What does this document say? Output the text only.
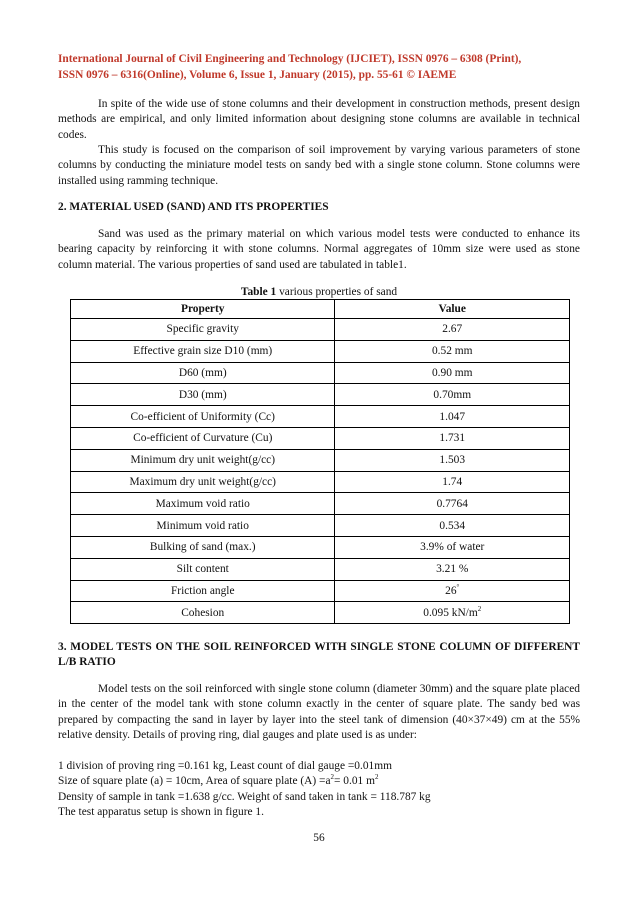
International Journal of Civil Engineering and Technology (IJCIET), ISSN 0976 – 6308 (Print),
ISSN 0976 – 6316(Online), Volume 6, Issue 1, January (2015), pp. 55-61 © IAEME

In spite of the wide use of stone columns and their development in construction methods, present design methods are empirical, and only limited information about designing stone columns are available in technical codes.

This study is focused on the comparison of soil improvement by varying various parameters of stone columns by conducting the miniature model tests on sandy bed with a single stone column. Stone columns were installed using ramming technique.

2. MATERIAL USED (SAND) AND ITS PROPERTIES

Sand was used as the primary material on which various model tests were conducted to enhance its bearing capacity by reinforcing it with stone columns. Normal aggregates of 10mm size were used as stone column material. The various properties of sand used are tabulated in table1.

Table 1 various properties of sand
Property	Value
Specific gravity	2.67
Effective grain size D10 (mm)	0.52 mm
D60 (mm)	0.90 mm
D30 (mm)	0.70mm
Co-efficient of Uniformity (Cc)	1.047
Co-efficient of Curvature (Cu)	1.731
Minimum dry unit weight(g/cc)	1.503
Maximum dry unit weight(g/cc)	1.74
Maximum void ratio	0.7764
Minimum void ratio	0.534
Bulking of sand (max.)	3.9% of water
Silt content	3.21 %
Friction angle	26°
Cohesion	0.095 $kN/m^2$

3. MODEL TESTS ON THE SOIL REINFORCED WITH SINGLE STONE COLUMN OF DIFFERENT L/B RATIO

Model tests on the soil reinforced with single stone column (diameter 30mm) and the square plate placed in the center of the model tank with stone column exactly in the center of square plate. The sandy bed was prepared by compacting the sand in layer by layer into the steel tank of dimension (40×37×49) cm at the 55% relative density. Details of proving ring, dial gauges and plate used is as under:

1 division of proving ring =0.161 kg, Least count of dial gauge =0.01mm
Size of square plate (a) = 10cm, Area of square plate $(A) =a^2= 0.01$ $m^2$
Density of sample in tank =1.638 g/cc. Weight of sand taken in tank = 118.787 kg
The test apparatus setup is shown in figure 1.
56
